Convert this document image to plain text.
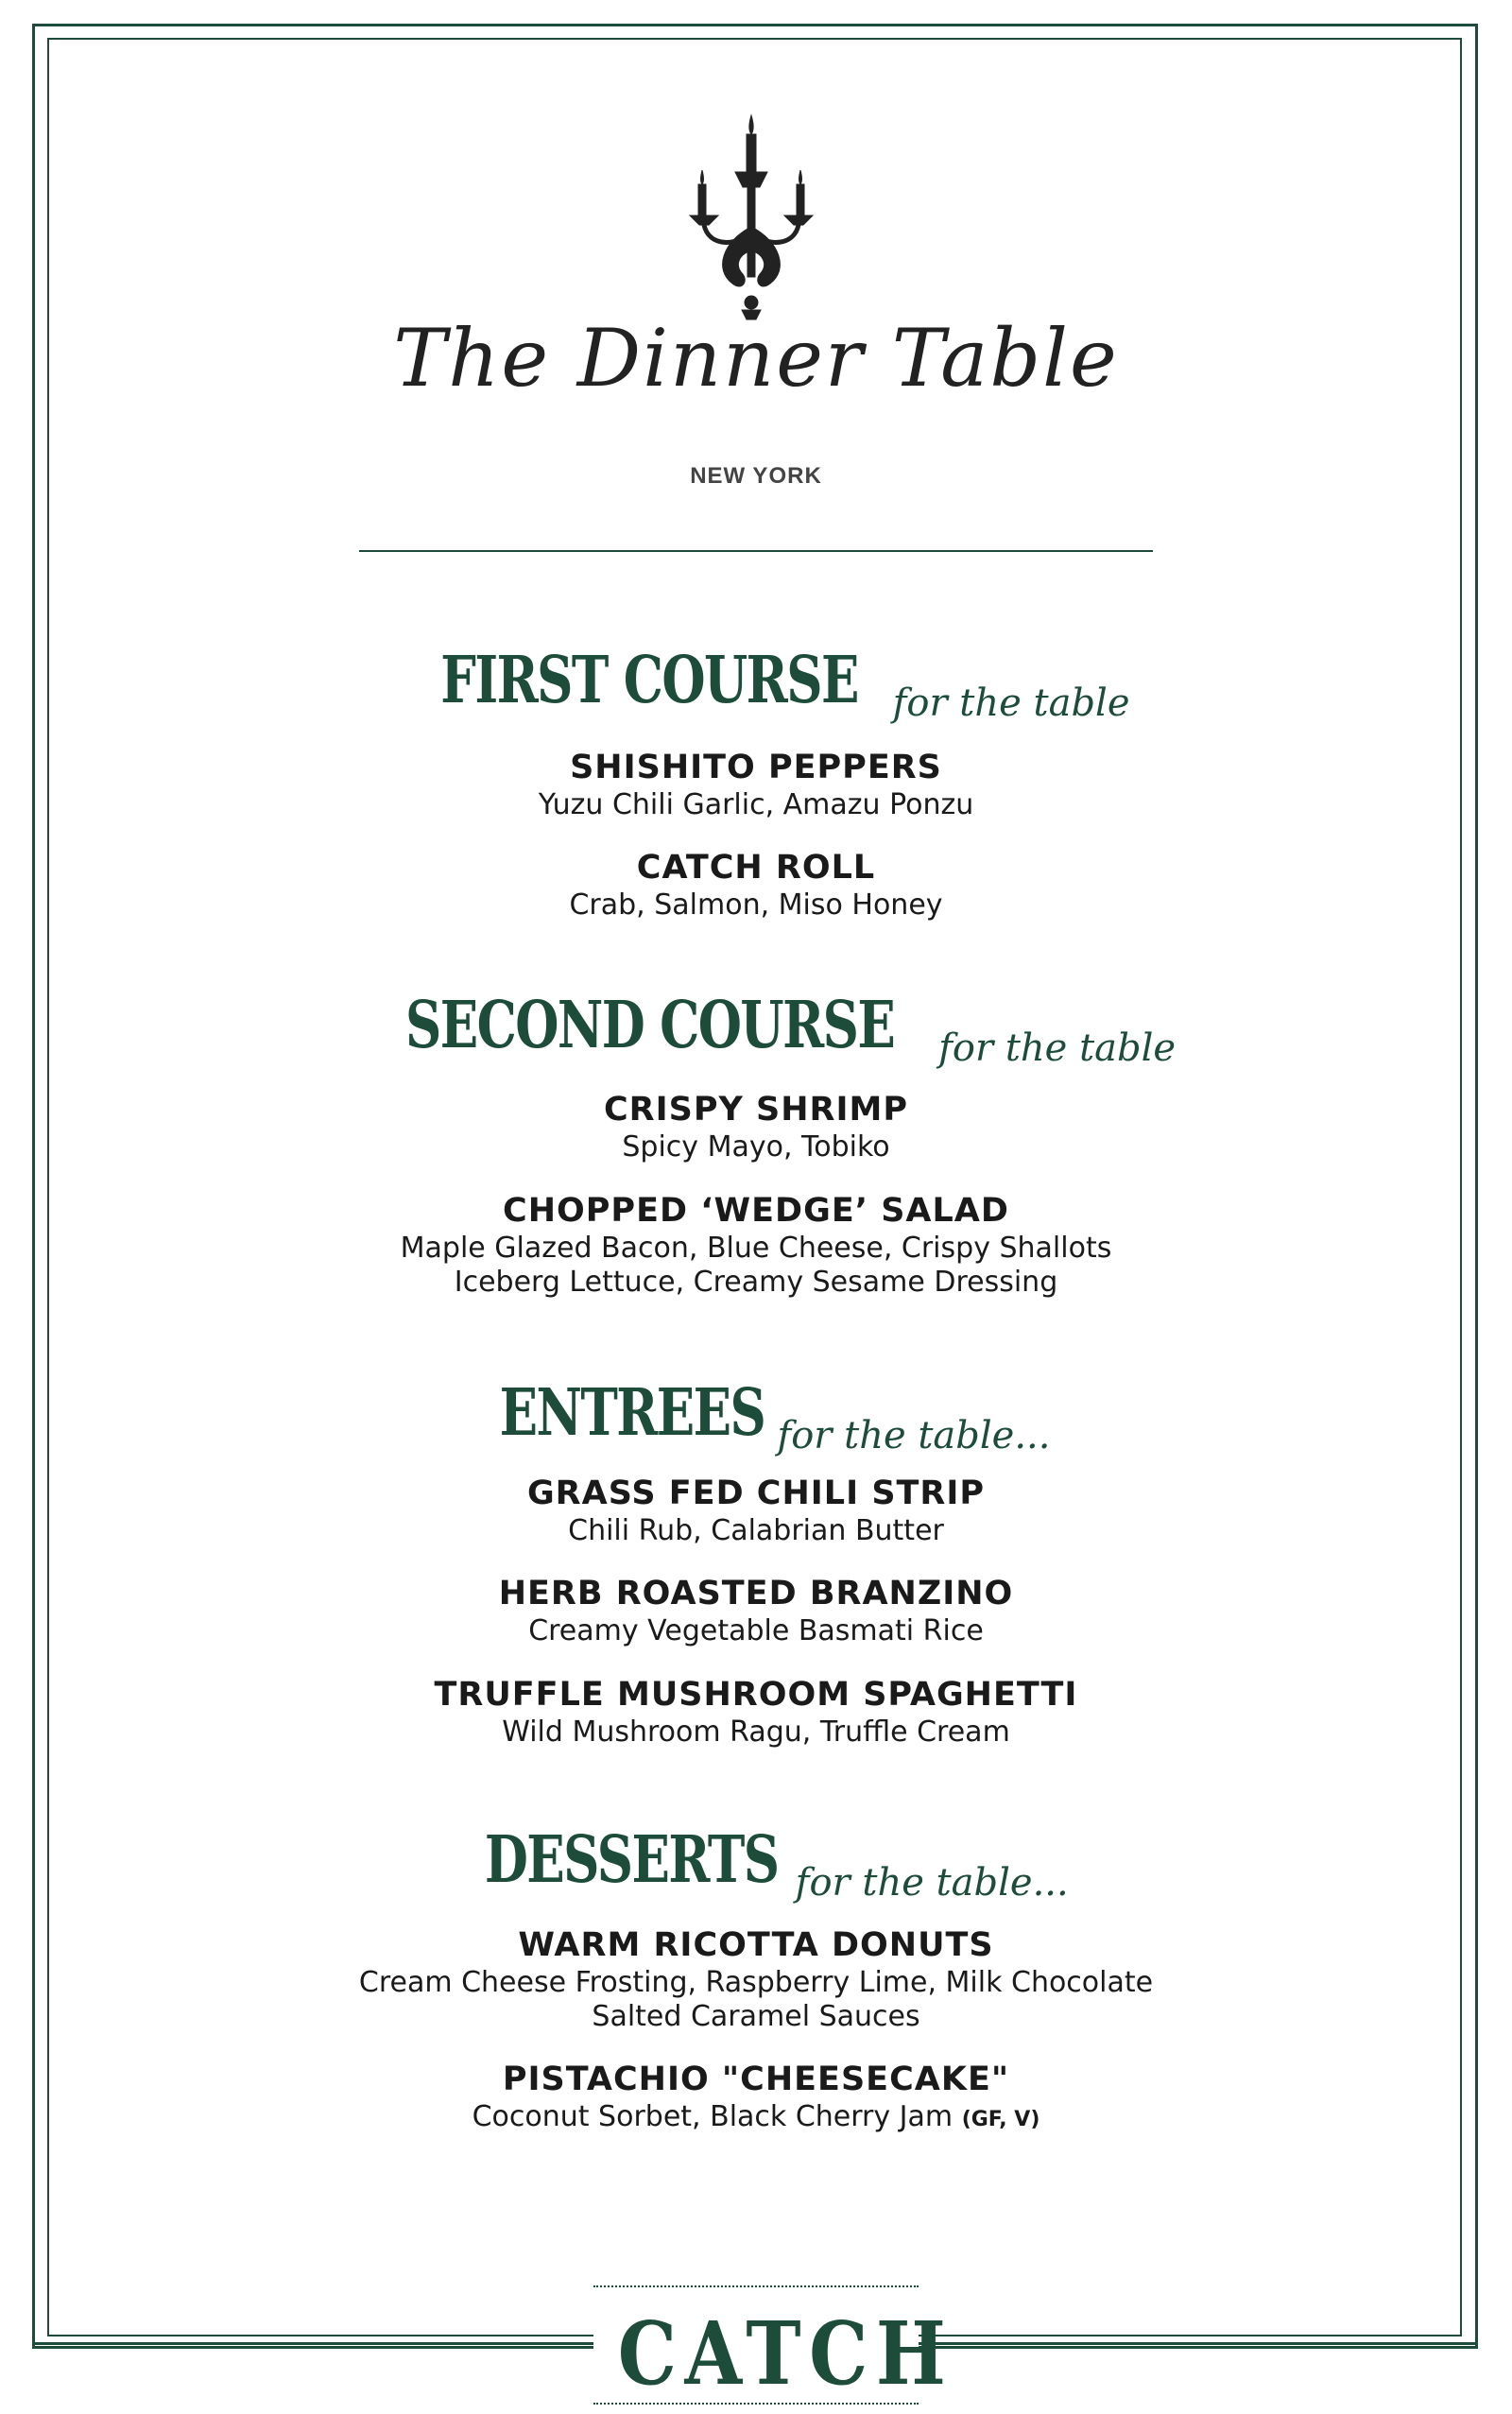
The Dinner Table
NEW YORK
FIRST COURSE for the table
SHISHITO PEPPERS
Yuzu Chili Garlic, Amazu Ponzu
CATCH ROLL
Crab, Salmon, Miso Honey
SECOND COURSE for the table
CRISPY SHRIMP
Spicy Mayo, Tobiko
CHOPPED ‘WEDGE’ SALAD
Maple Glazed Bacon, Blue Cheese, Crispy Shallots
Iceberg Lettuce, Creamy Sesame Dressing
ENTREES for the table...
GRASS FED CHILI STRIP
Chili Rub, Calabrian Butter
HERB ROASTED BRANZINO
Creamy Vegetable Basmati Rice
TRUFFLE MUSHROOM SPAGHETTI
Wild Mushroom Ragu, Truffle Cream
DESSERTS for the table...
WARM RICOTTA DONUTS
Cream Cheese Frosting, Raspberry Lime, Milk Chocolate
Salted Caramel Sauces
PISTACHIO "CHEESECAKE"
Coconut Sorbet, Black Cherry Jam (GF, V)
CATCH
